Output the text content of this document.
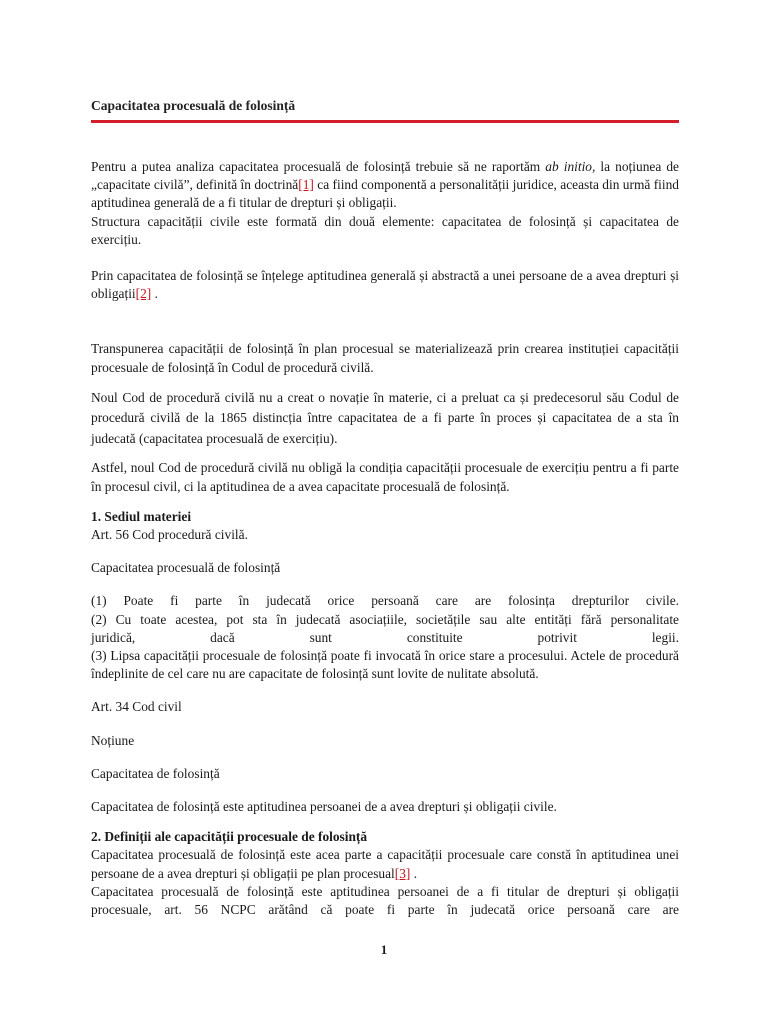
Capacitatea procesuală de folosință

Pentru a putea analiza capacitatea procesuală de folosință trebuie să ne raportăm ab initio, la noțiunea de „capacitate civilă”, definită în doctrină[1] ca fiind componentă a personalității juridice, aceasta din urmă fiind aptitudinea generală de a fi titular de drepturi și obligații.

Structura capacității civile este formată din două elemente: capacitatea de folosință și capacitatea de exercițiu.

Prin capacitatea de folosință se înțelege aptitudinea generală și abstractă a unei persoane de a avea drepturi și obligații[2] .

Transpunerea capacității de folosință în plan procesual se materializează prin crearea instituției capacității procesuale de folosință în Codul de procedură civilă.

Noul Cod de procedură civilă nu a creat o novație în materie, ci a preluat ca și predecesorul său Codul de procedură civilă de la 1865 distincția între capacitatea de a fi parte în proces și capacitatea de a sta în judecată (capacitatea procesuală de exercițiu).

Astfel, noul Cod de procedură civilă nu obligă la condiția capacității procesuale de exercițiu pentru a fi parte în procesul civil, ci la aptitudinea de a avea capacitate procesuală de folosință.

1. Sediul materiei

Art. 56 Cod procedură civilă.

Capacitatea procesuală de folosință

(1) Poate fi parte în judecată orice persoană care are folosința drepturilor civile.

(2) Cu toate acestea, pot sta în judecată asociațiile, societățile sau alte entități fără personalitate

juridică, dacă sunt constituite potrivit legii.

(3) Lipsa capacității procesuale de folosință poate fi invocată în orice stare a procesului. Actele de procedură îndeplinite de cel care nu are capacitate de folosință sunt lovite de nulitate absolută.

Art. 34 Cod civil

Noțiune

Capacitatea de folosință

Capacitatea de folosință este aptitudinea persoanei de a avea drepturi și obligații civile.

2. Definiții ale capacității procesuale de folosință

Capacitatea procesuală de folosință este acea parte a capacității procesuale care constă în aptitudinea unei persoane de a avea drepturi și obligații pe plan procesual[3] .

Capacitatea procesuală de folosință este aptitudinea persoanei de a fi titular de drepturi și obligații procesuale, art. 56 NCPC arătând că poate fi parte în judecată orice persoană care are

1
